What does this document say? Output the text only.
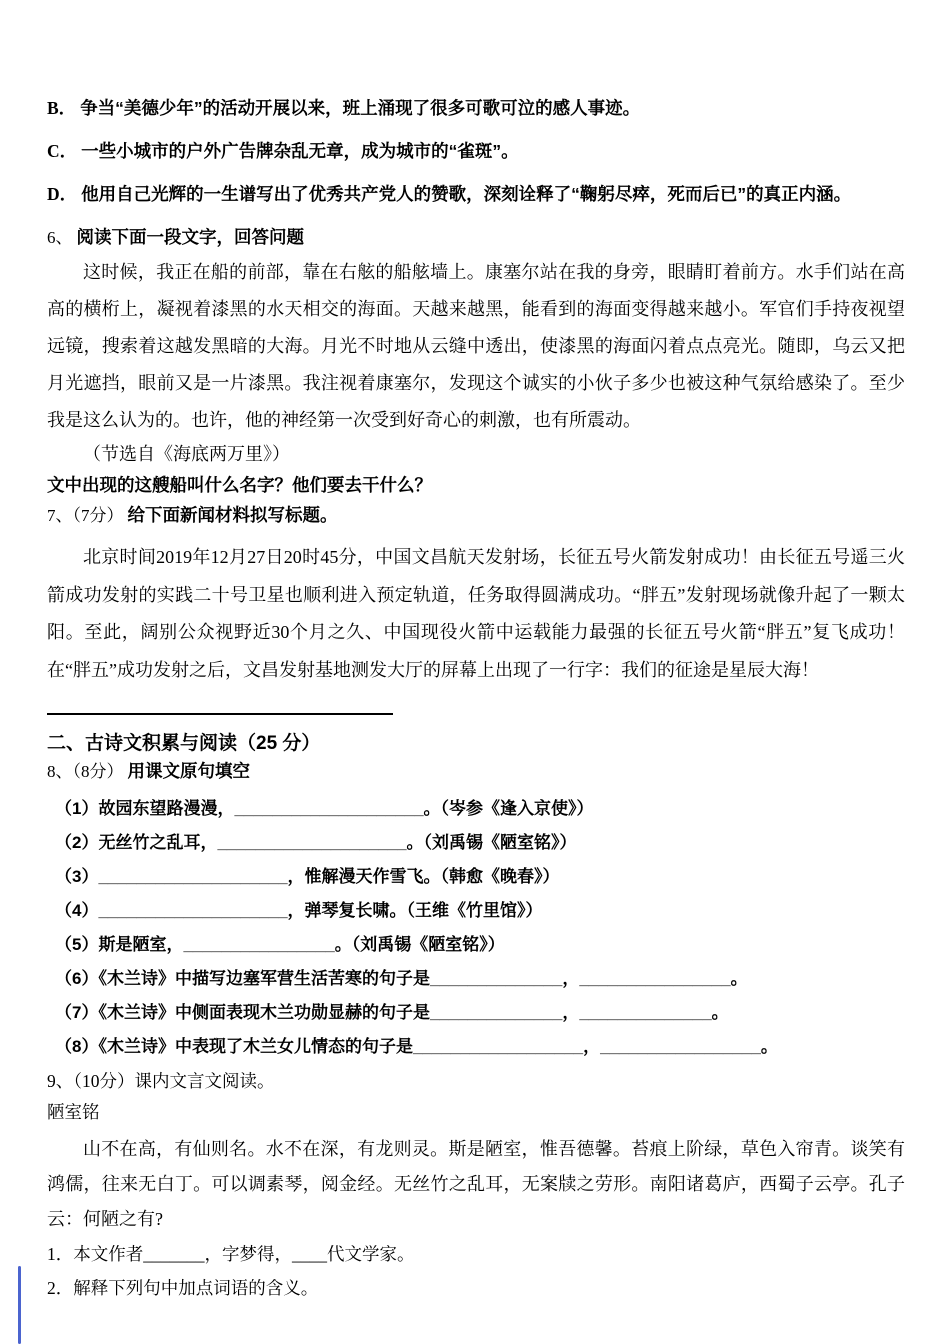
B． 争当“美德少年”的活动开展以来，班上涌现了很多可歌可泣的感人事迹。
C． 一些小城市的户外广告牌杂乱无章，成为城市的“雀斑”。
D． 他用自己光辉的一生谱写出了优秀共产党人的赞歌，深刻诠释了“鞠躬尽瘁，死而后已”的真正内涵。
6、 阅读下面一段文字，回答问题

这时候，我正在船的前部，靠在右舷的船舷墙上。康塞尔站在我的身旁，眼睛盯着前方。水手们站在高高的横桁上，凝视着漆黑的水天相交的海面。天越来越黑，能看到的海面变得越来越小。军官们手持夜视望远镜，搜索着这越发黑暗的大海。月光不时地从云缝中透出，使漆黑的海面闪着点点亮光。随即，乌云又把月光遮挡，眼前又是一片漆黑。我注视着康塞尔，发现这个诚实的小伙子多少也被这种气氛给感染了。至少我是这么认为的。也许，他的神经第一次受到好奇心的刺激，也有所震动。

（节选自《海底两万里》）

文中出现的这艘船叫什么名字？他们要去干什么？

7、（7分） 给下面新闻材料拟写标题。

北京时间2019年12月27日20时45分，中国文昌航天发射场，长征五号火箭发射成功！由长征五号遥三火箭成功发射的实践二十号卫星也顺利进入预定轨道，任务取得圆满成功。“胖五”发射现场就像升起了一颗太阳。至此，阔别公众视野近30个月之久、中国现役火箭中运载能力最强的长征五号火箭“胖五”复飞成功！在“胖五”成功发射之后，文昌发射基地测发大厅的屏幕上出现了一行字：我们的征途是星辰大海！

二、古诗文积累与阅读（25 分）
8、（8分） 用课文原句填空

（1）故园东望路漫漫，____________________。（岑参《逢入京使》）

（2）无丝竹之乱耳，____________________。（刘禹锡《陋室铭》）

（3）____________________，惟解漫天作雪飞。（韩愈《晚春》）

（4）____________________，弹琴复长啸。（王维《竹里馆》）

（5）斯是陋室，________________。（刘禹锡《陋室铭》）

（6）《木兰诗》中描写边塞军营生活苦寒的句子是______________，________________。

（7）《木兰诗》中侧面表现木兰功勋显赫的句子是______________，______________。

（8）《木兰诗》中表现了木兰女儿情态的句子是__________________，_________________。

9、（10分）课内文言文阅读。

陋室铭

山不在高，有仙则名。水不在深，有龙则灵。斯是陋室，惟吾德馨。苔痕上阶绿，草色入帘青。谈笑有鸿儒，往来无白丁。可以调素琴，阅金经。无丝竹之乱耳，无案牍之劳形。南阳诸葛庐，西蜀子云亭。孔子云：何陋之有?

1．本文作者_______，字梦得，____代文学家。

2．解释下列句中加点词语的含义。
